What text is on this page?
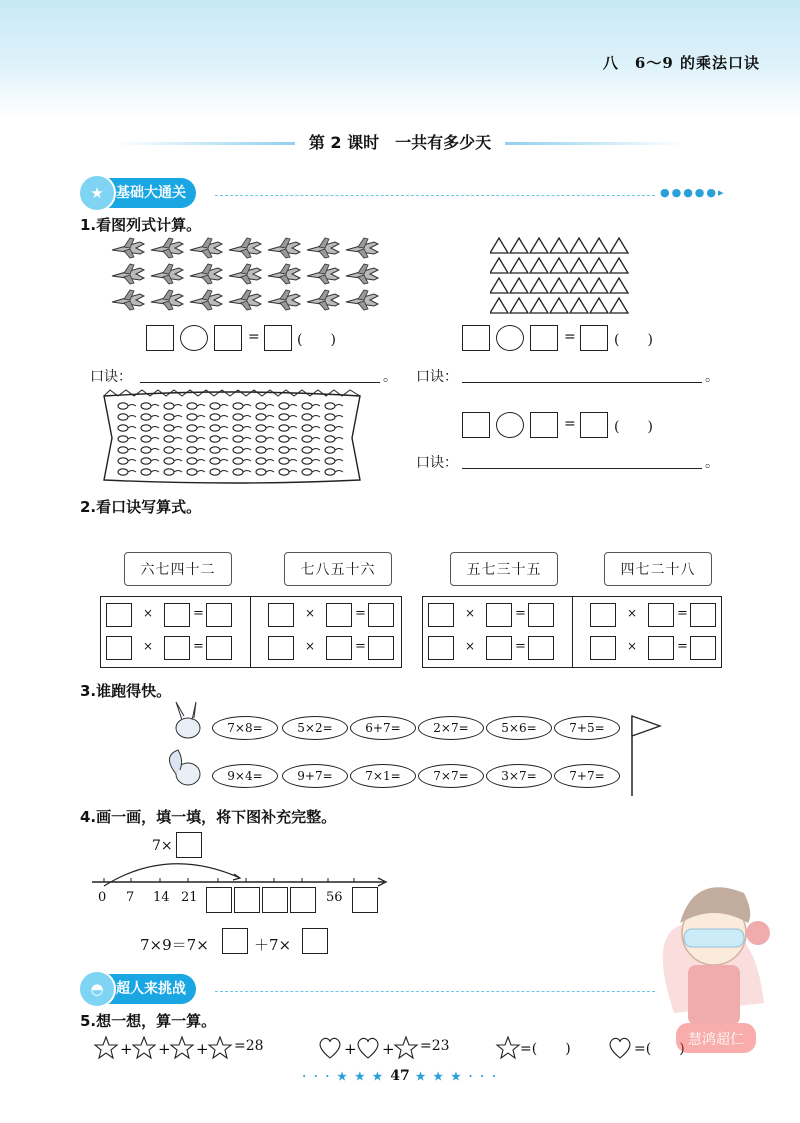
八　6～9 的乘法口诀
第 2 课时　一共有多少天
★ 基础大通关	●●●●●▸
1.看图列式计算。
=	(　　)	=	(　　)
口诀：	。 口诀：	。
=	(　　)
口诀：	。
2.看口诀写算式。
六七四十二	七八五十六	五七三十五	四七二十八
×	=
×	=
×	=
×	=
×	=
×	=
×	=
×	=
3.谁跑得快。
7×8=	5×2=	6+7=	2×7=	5×6=	7+5=
9×4=	9+7=	7×1=	7×7=	3×7=	7+7=
4.画一画，填一填，将下图补充完整。
7×
0 7 14 21	56
7×9＝7×	＋7×
◓ 超人来挑战
5.想一想，算一算。
+ + +	+ +
=28	=23	=(　　)	=(　　)
慧鸿超仁
· · · ★ ★ ★ 47 ★ ★ ★ · · ·
